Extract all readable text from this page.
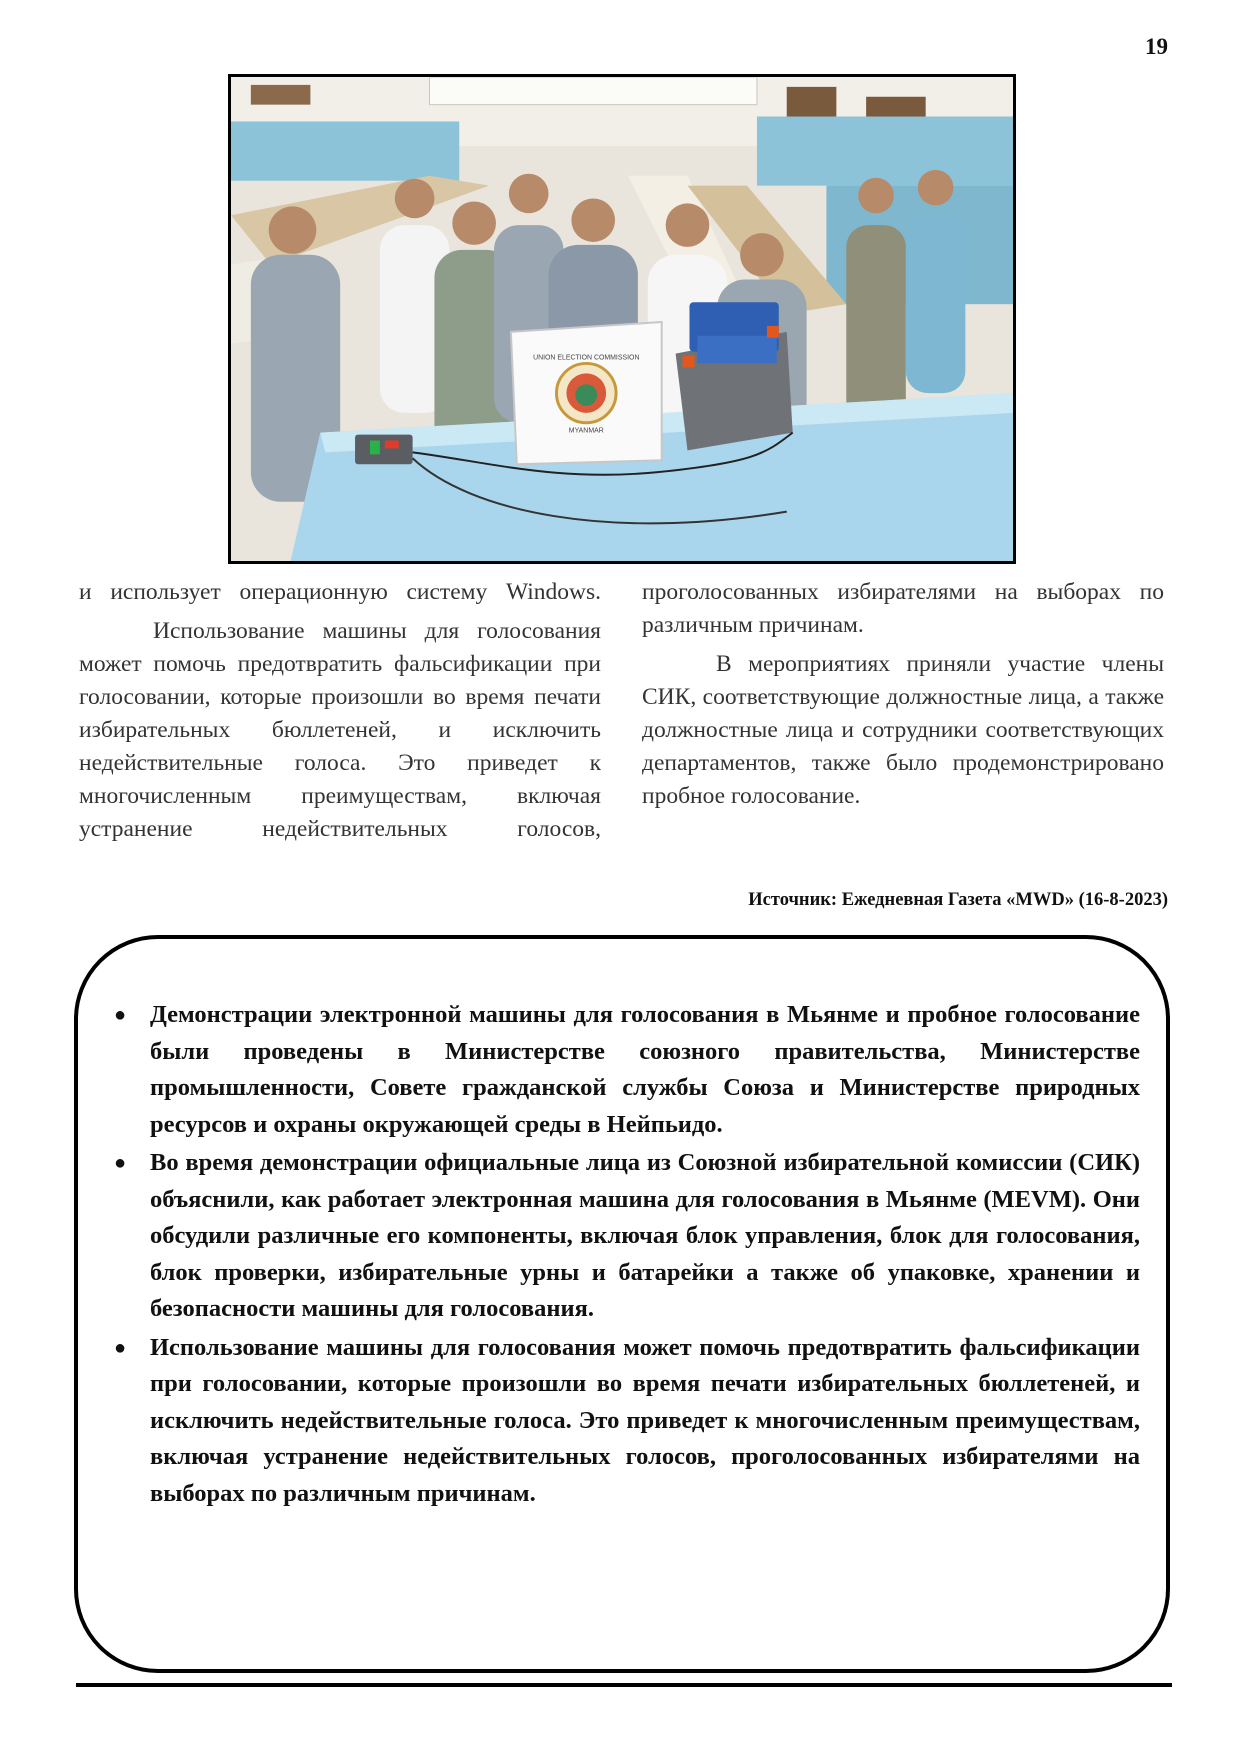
19
UNION ELECTION COMMISSION
MYANMAR

и использует операционную систему Windows.

Использование машины для голосования может помочь предотвратить фальсификации при голосовании, которые произошли во время печати избирательных бюллетеней, и исключить недействительные голоса. Это приведет к многочисленным преимуществам, включая устранение недействительных голосов,

проголосованных избирателями на выборах по различным причинам.

В мероприятиях приняли участие члены СИК, соответствующие должностные лица, а также должностные лица и сотрудники соответствующих департаментов, также было продемонстрировано пробное голосование.

Источник: Ежедневная Газета «MWD» (16-8-2023)
● Демонстрации электронной машины для голосования в Мьянме и пробное голосование были проведены в Министерстве союзного правительства, Министерстве промышленности, Совете гражданской службы Союза и Министерстве природных ресурсов и охраны окружающей среды в Нейпьидо.
● Во время демонстрации официальные лица из Союзной избирательной комиссии (СИК) объяснили, как работает электронная машина для голосования в Мьянме (MEVM). Они обсудили различные его компоненты, включая блок управления, блок для голосования, блок проверки, избирательные урны и батарейки а также об упаковке, хранении и безопасности машины для голосования.
● Использование машины для голосования может помочь предотвратить фальсификации при голосовании, которые произошли во время печати избирательных бюллетеней, и исключить недействительные голоса. Это приведет к многочисленным преимуществам, включая устранение недействительных голосов, проголосованных избирателями на выборах по различным причинам.
